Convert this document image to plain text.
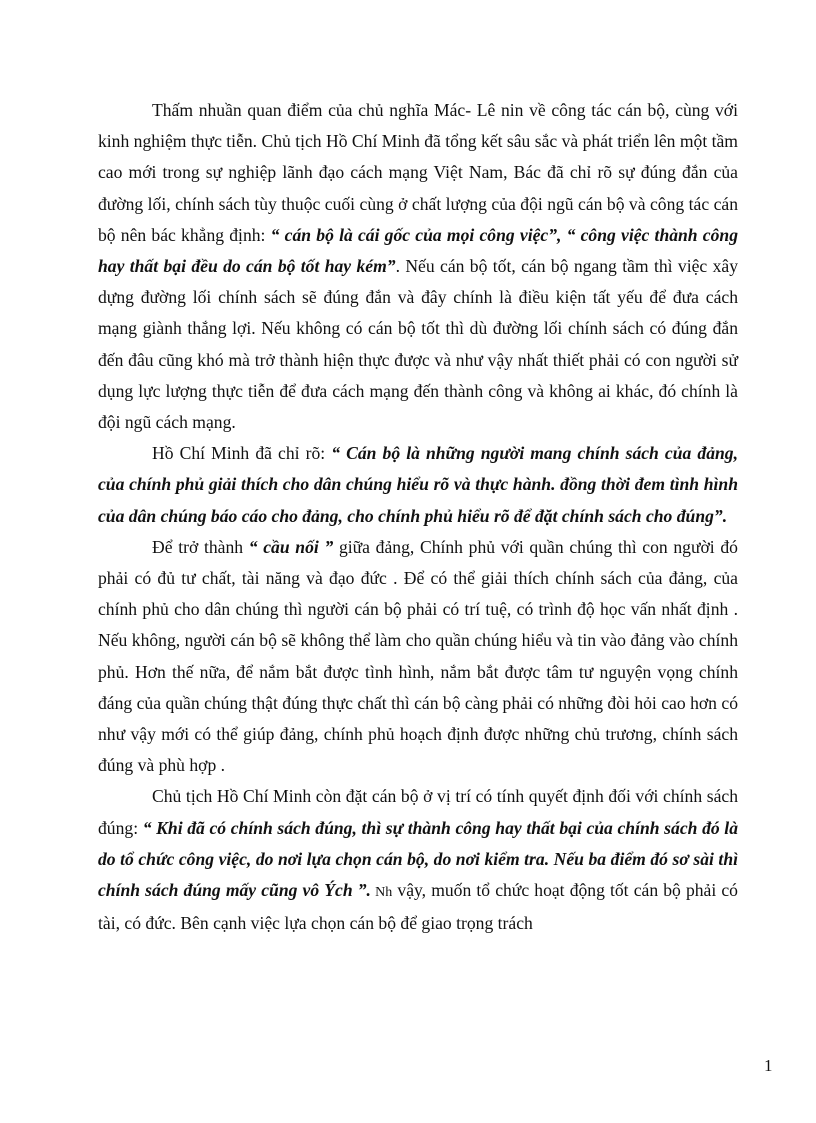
Thấm nhuần quan điểm của chủ nghĩa Mác- Lê nin về công tác cán bộ, cùng với kinh nghiệm thực tiễn. Chủ tịch Hồ Chí Minh đã tổng kết sâu sắc và phát triển lên một tầm cao mới trong sự nghiệp lãnh đạo cách mạng Việt Nam, Bác đã chỉ rõ sự đúng đắn của đường lối, chính sách tùy thuộc cuối cùng ở chất lượng của đội ngũ cán bộ và công tác cán bộ nên bác khẳng định: “ cán bộ là cái gốc của mọi công việc”, “ công việc thành công hay thất bại đều do cán bộ tốt hay kém”. Nếu cán bộ tốt, cán bộ ngang tầm thì việc xây dựng đường lối chính sách sẽ đúng đắn và đây chính là điều kiện tất yếu để đưa cách mạng giành thắng lợi. Nếu không có cán bộ tốt thì dù đường lối chính sách có đúng đắn đến đâu cũng khó mà trở thành hiện thực được và như vậy nhất thiết phải có con người sử dụng lực lượng thực tiễn để đưa cách mạng đến thành công và không ai khác, đó chính là đội ngũ cách mạng.

Hồ Chí Minh đã chỉ rõ: “ Cán bộ là những người mang chính sách của đảng, của chính phủ giải thích cho dân chúng hiểu rõ và thực hành. đồng thời đem tình hình của dân chúng báo cáo cho đảng, cho chính phủ hiểu rõ để đặt chính sách cho đúng”.

Để trở thành “ cầu nối ” giữa đảng, Chính phủ với quần chúng thì con người đó phải có đủ tư chất, tài năng và đạo đức . Để có thể giải thích chính sách của đảng, của chính phủ cho dân chúng thì người cán bộ phải có trí tuệ, có trình độ học vấn nhất định . Nếu không, người cán bộ sẽ không thể làm cho quần chúng hiểu và tin vào đảng vào chính phủ. Hơn thế nữa, để nắm bắt được tình hình, nắm bắt được tâm tư nguyện vọng chính đáng của quần chúng thật đúng thực chất thì cán bộ càng phải có những đòi hỏi cao hơn có như vậy mới có thể giúp đảng, chính phủ hoạch định được những chủ trương, chính sách đúng và phù hợp .

Chủ tịch Hồ Chí Minh còn đặt cán bộ ở vị trí có tính quyết định đối với chính sách đúng: “ Khi đã có chính sách đúng, thì sự thành công hay thất bại của chính sách đó là do tổ chức công việc, do nơi lựa chọn cán bộ, do nơi kiểm tra. Nếu ba điểm đó sơ sài thì chính sách đúng mấy cũng vô Ých ”. Nh vậy, muốn tổ chức hoạt động tốt cán bộ phải có tài, có đức. Bên cạnh việc lựa chọn cán bộ để giao trọng trách

1
